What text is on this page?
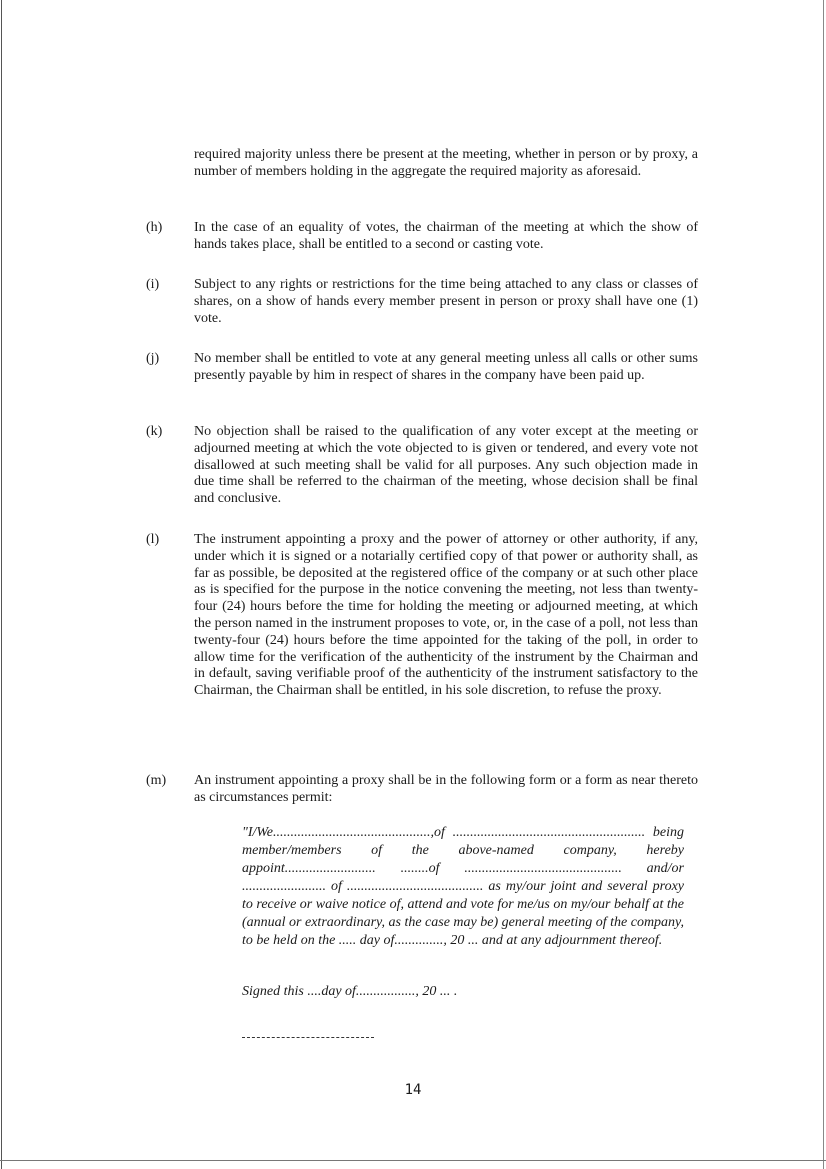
required majority unless there be present at the meeting, whether in person or by proxy, a number of members holding in the aggregate the required majority as aforesaid.
(h) In the case of an equality of votes, the chairman of the meeting at which the show of hands takes place, shall be entitled to a second or casting vote.
(i) Subject to any rights or restrictions for the time being attached to any class or classes of shares, on a show of hands every member present in person or proxy shall have one (1) vote.
(j) No member shall be entitled to vote at any general meeting unless all calls or other sums presently payable by him in respect of shares in the company have been paid up.
(k) No objection shall be raised to the qualification of any voter except at the meeting or adjourned meeting at which the vote objected to is given or tendered, and every vote not disallowed at such meeting shall be valid for all purposes. Any such objection made in due time shall be referred to the chairman of the meeting, whose decision shall be final and conclusive.
(l) The instrument appointing a proxy and the power of attorney or other authority, if any, under which it is signed or a notarially certified copy of that power or authority shall, as far as possible, be deposited at the registered office of the company or at such other place as is specified for the purpose in the notice convening the meeting, not less than twenty-four (24) hours before the time for holding the meeting or adjourned meeting, at which the person named in the instrument proposes to vote, or, in the case of a poll, not less than twenty-four (24) hours before the time appointed for the taking of the poll, in order to allow time for the verification of the authenticity of the instrument by the Chairman and in default, saving verifiable proof of the authenticity of the instrument satisfactory to the Chairman, the Chairman shall be entitled, in his sole discretion, to refuse the proxy.
(m) An instrument appointing a proxy shall be in the following form or a form as near thereto as circumstances permit:
"I/We.............................................,of ....................................................... being member/members of the above-named company, hereby appoint.......................... ........of ............................................. and/or ........................ of ....................................... as my/our joint and several proxy to receive or waive notice of, attend and vote for me/us on my/our behalf at the (annual or extraordinary, as the case may be) general meeting of the company, to be held on the ..... day of.............., 20 ... and at any adjournment thereof.
Signed this ....day of................., 20 ... .
14
